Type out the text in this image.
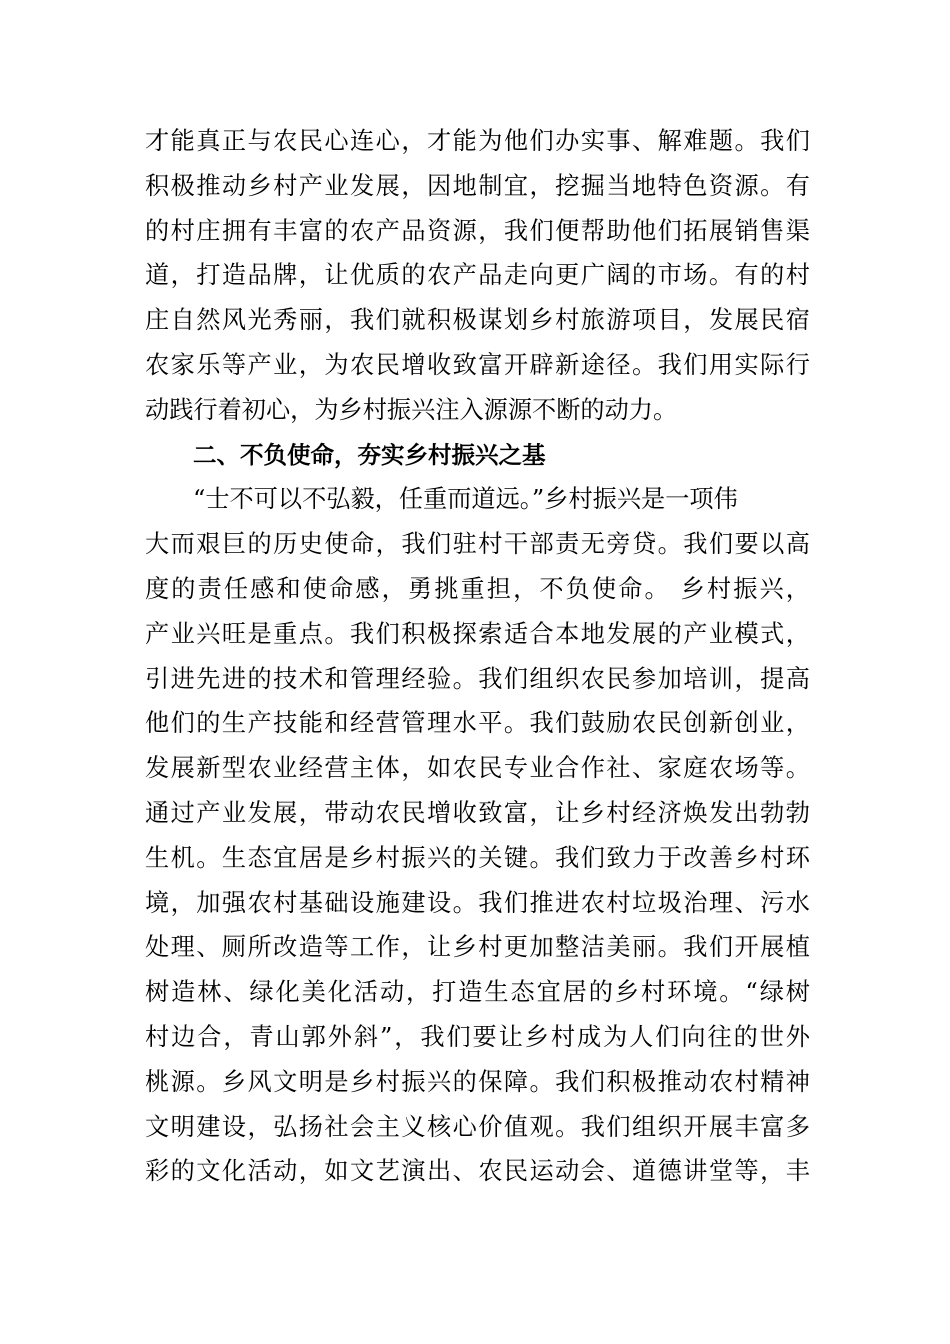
才能真正与农民心连心，才能为他们办实事、解难题。我们
积极推动乡村产业发展，因地制宜，挖掘当地特色资源。有
的村庄拥有丰富的农产品资源，我们便帮助他们拓展销售渠
道，打造品牌，让优质的农产品走向更广阔的市场。有的村
庄自然风光秀丽，我们就积极谋划乡村旅游项目，发展民宿
农家乐等产业，为农民增收致富开辟新途径。我们用实际行
动践行着初心，为乡村振兴注入源源不断的动力。
二、不负使命，夯实乡村振兴之基
“士不可以不弘毅，任重而道远。”乡村振兴是一项伟
大而艰巨的历史使命，我们驻村干部责无旁贷。我们要以高
度的责任感和使命感，勇挑重担，不负使命。 乡村振兴，
产业兴旺是重点。我们积极探索适合本地发展的产业模式，
引进先进的技术和管理经验。我们组织农民参加培训，提高
他们的生产技能和经营管理水平。我们鼓励农民创新创业，
发展新型农业经营主体，如农民专业合作社、家庭农场等。
通过产业发展，带动农民增收致富，让乡村经济焕发出勃勃
生机。生态宜居是乡村振兴的关键。我们致力于改善乡村环
境，加强农村基础设施建设。我们推进农村垃圾治理、污水
处理、厕所改造等工作，让乡村更加整洁美丽。我们开展植
树造林、绿化美化活动，打造生态宜居的乡村环境。“绿树
村边合，青山郭外斜”，我们要让乡村成为人们向往的世外
桃源。乡风文明是乡村振兴的保障。我们积极推动农村精神
文明建设，弘扬社会主义核心价值观。我们组织开展丰富多
彩的文化活动，如文艺演出、农民运动会、道德讲堂等，丰
